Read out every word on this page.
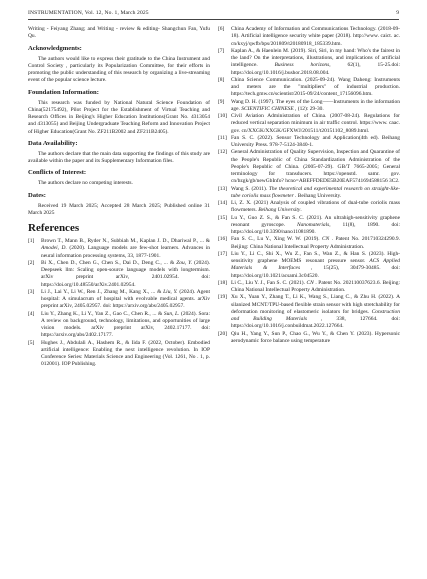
INSTRUMENTATION, Vol. 12, No. 1, March 2025	9

Writing - Feiyang Zhang; and Writing - review & editing- Shangchun Fan, Yufu Qu.

Acknowledgments:

The authors would like to express their gratitude to the China Instrument and Control Society , particularly its Popularization Committee, for their efforts in promoting the public understanding of this research by organizing a live-streaming event of the popular science lecture.

Foundation Information:

This research was funded by National Natural Science Foundation of China(52175492), Pilot Project for the Establishment of Virtual Teaching and Research Offices in Beijing's Higher Education Institutions(Grant No. 4313054 and 4313055) and Beijing Undergraduate Teaching Reform and Innovation Project of Higher Education(Grant No. ZF211B2002 and ZF211B2405).

Data Availability:

The authors declare that the main data supporting the findings of this study are available within the paper and its Supplementary Information files.

Conflicts of Interest:

The authors declare no competing interests.

Dates:

Received 19 March 2025; Accepted 28 March 2025; Published online 31 March 2025

References

[1] Brown T., Mann B., Ryder N., Subbiah M., Kaplan J. D., Dhariwal P., ... & Amodei, D. (2020). Language models are few-shot learners. Advances in neural information processing systems, 33, 1877-1901.

[2] Bi X., Chen D., Chen G., Chen S., Dai D., Deng C., ... & Zou, Y. (2024). Deepseek llm: Scaling open-source language models with longtermism. arXiv preprint arXiv, 2401.02954. doi: https://doi.org/10.48550/arXiv.2401.02954.

[3] Li J., Lai Y., Li W., Ren J., Zhang M., Kang X., ... & Liu, Y. (2024). Agent hospital: A simulacrum of hospital with evolvable medical agents. arXiv preprint arXiv, 2405.02957. doi: https://arxiv.org/abs/2405.02957.

[4] Liu Y., Zhang K., Li Y., Yan Z., Gao C., Chen R., ... & Sun, L. (2024). Sora: A review on background, technology, limitations, and opportunities of large vision models. arXiv preprint arXiv, 2402.17177. doi: https://arxiv.org/abs/2402.17177.

[5] Hughes J., Abdulali A., Hashem R., & Iida F. (2022, October). Embodied artificial intelligence: Enabling the next intelligence revolution. In IOP Conference Series: Materials Science and Engineering (Vol. 1261, No . 1, p. 012001). IOP Publishing.

[6] China Academy of Information and Communications Technology. (2018-09-18). Artificial intelligence security white paper (2018). http://www. caict. ac. cn/kxyj/qwfb/bps/201809/t20180918_185339.htm.

[7] Kaplan A., & Haenlein M. (2019). Siri, Siri, in my hand: Who's the fairest in the land? On the interpretations, illustrations, and implications of artificial intelligence. Business horizons, 62(1), 15-25.doi: https://doi.org/10.1016/j.bushor.2018.08.004.

[8] China Science Communication. (2025-09-24). Wang Daheng: Instruments and meters are the "multipliers" of industrial production. https://tech.gmw.cn/scientist/2015-09/24/content_17156096.htm.

[9] Wang D. H. (1997). The eyes of the Long——Instruments in the information age. SCIENTIFIC CHINESE , (12): 29-30.

[10] Civil Aviation Administration of China. (2007-08-24). Regulations for reduced vertical separation minimum in air traffic control. https://www. caac. gov. cn/XXGK/XXGK/GFXWJ/201511/t20151102_8089.html.

[11] Fan S. C. (2022). Sensor Technology and Application(4th ed). Beihang University Press. 978-7-5124-3840-1.

[12] General Administration of Quality Supervision, Inspection and Quarantine of the People's Republic of China Standardization Administration of the People's Republic of China. (2005-07-29). GB/T 7665-2005; General terminology for transducers. https://openstd. samr. gov. cn/bzgk/gb/newGbInfo? hcno=ABEFFDEDE5B20EAF5741694588156 3C2.

[13] Wang S. (2011). The theoretical and experimental research on straight-like-tube coriolis mass flowmeter . Beihang University.

[14] Li, Z. X. (2021) Analysis of coupled vibrations of dual-tube coriolis mass flowmeters. Beihang University.

[15] Lu Y., Guo Z. S., & Fan S. C. (2021). An ultrahigh-sensitivity graphene resonant gyroscope. Nanomaterials, 11(8), 1890. doi: https://doi.org/10.3390/nano11081890.

[16] Fan S. C., Lu Y., Xing W. W. (2019). CN . Patent No. 201710324290.9. Beijing: China National Intellectual Property Administration.

[17] Liu Y., Li C., Shi X., Wu Z., Fan S., Wan Z., & Han S. (2023). High-sensitivity graphene MOEMS resonant pressure sensor. ACS Applied Materials & Interfaces , 15(25), 30479-30485. doi: https://doi.org/10.1021/acsami.3c04520.

[18] Li C., Liu Y. J., Fan S. C. (2021). CN . Patent No. 202110037623.6. Beijing: China National Intellectual Property Administration.

[19] Xu X., Yuan Y., Zhang T., Li K., Wang S., Liang C., & Zhu H. (2022). A silanized MCNT/TPU-based flexible strain sensor with high stretchability for deformation monitoring of elastomeric isolators for bridges. Construction and Building Materials , 338, 127664. doi: https://doi.org/10.1016/j.conbuildmat.2022.127664.

[20] Qiu H., Yang Y., Sun P., Chao G., Wu Y., & Chen Y. (2023). Hypersonic aerodynamic force balance using temperature
